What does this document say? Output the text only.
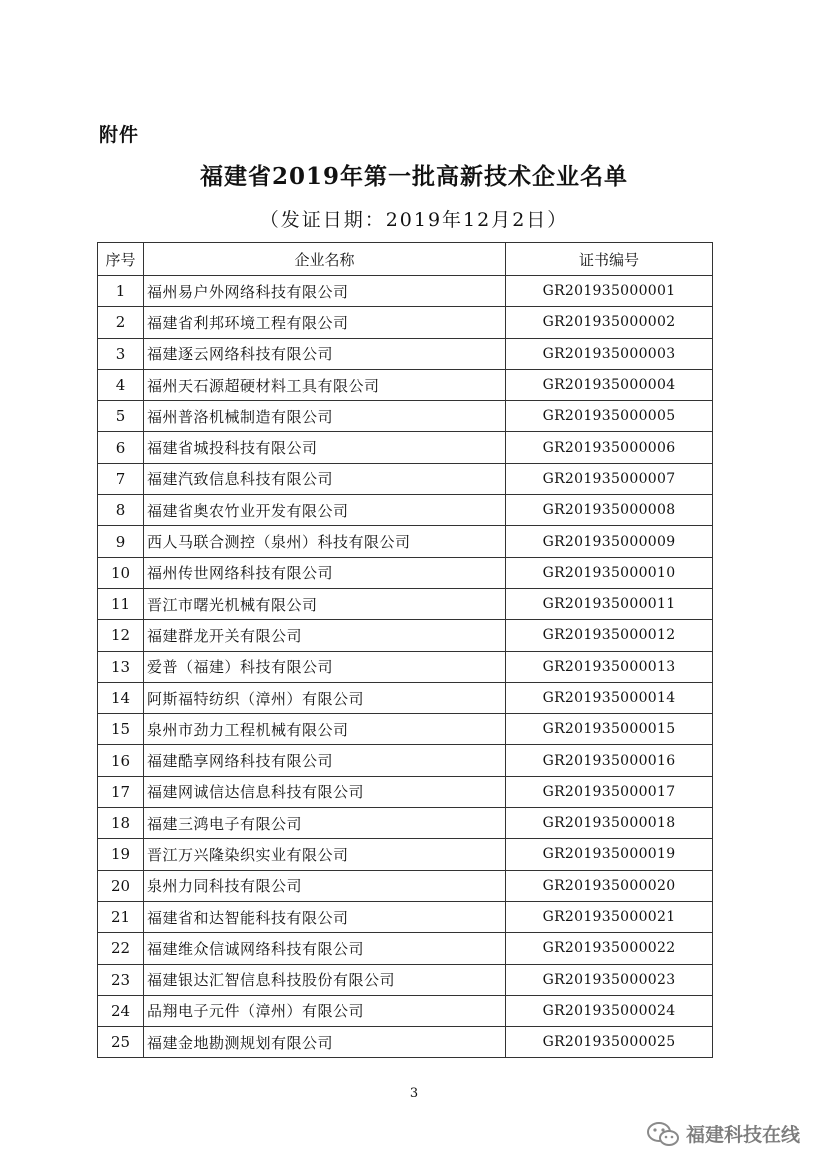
附件
福建省2019年第一批高新技术企业名单
（发证日期：2019年12月2日）
序号	企业名称	证书编号
1	福州易户外网络科技有限公司	GR201935000001
2	福建省利邦环境工程有限公司	GR201935000002
3	福建逐云网络科技有限公司	GR201935000003
4	福州天石源超硬材料工具有限公司	GR201935000004
5	福州普洛机械制造有限公司	GR201935000005
6	福建省城投科技有限公司	GR201935000006
7	福建汽致信息科技有限公司	GR201935000007
8	福建省奥农竹业开发有限公司	GR201935000008
9	西人马联合测控（泉州）科技有限公司	GR201935000009
10	福州传世网络科技有限公司	GR201935000010
11	晋江市曙光机械有限公司	GR201935000011
12	福建群龙开关有限公司	GR201935000012
13	爱普（福建）科技有限公司	GR201935000013
14	阿斯福特纺织（漳州）有限公司	GR201935000014
15	泉州市劲力工程机械有限公司	GR201935000015
16	福建酷享网络科技有限公司	GR201935000016
17	福建网诚信达信息科技有限公司	GR201935000017
18	福建三鸿电子有限公司	GR201935000018
19	晋江万兴隆染织实业有限公司	GR201935000019
20	泉州力同科技有限公司	GR201935000020
21	福建省和达智能科技有限公司	GR201935000021
22	福建维众信诚网络科技有限公司	GR201935000022
23	福建银达汇智信息科技股份有限公司	GR201935000023
24	品翔电子元件（漳州）有限公司	GR201935000024
25	福建金地勘测规划有限公司	GR201935000025
3
福建科技在线
